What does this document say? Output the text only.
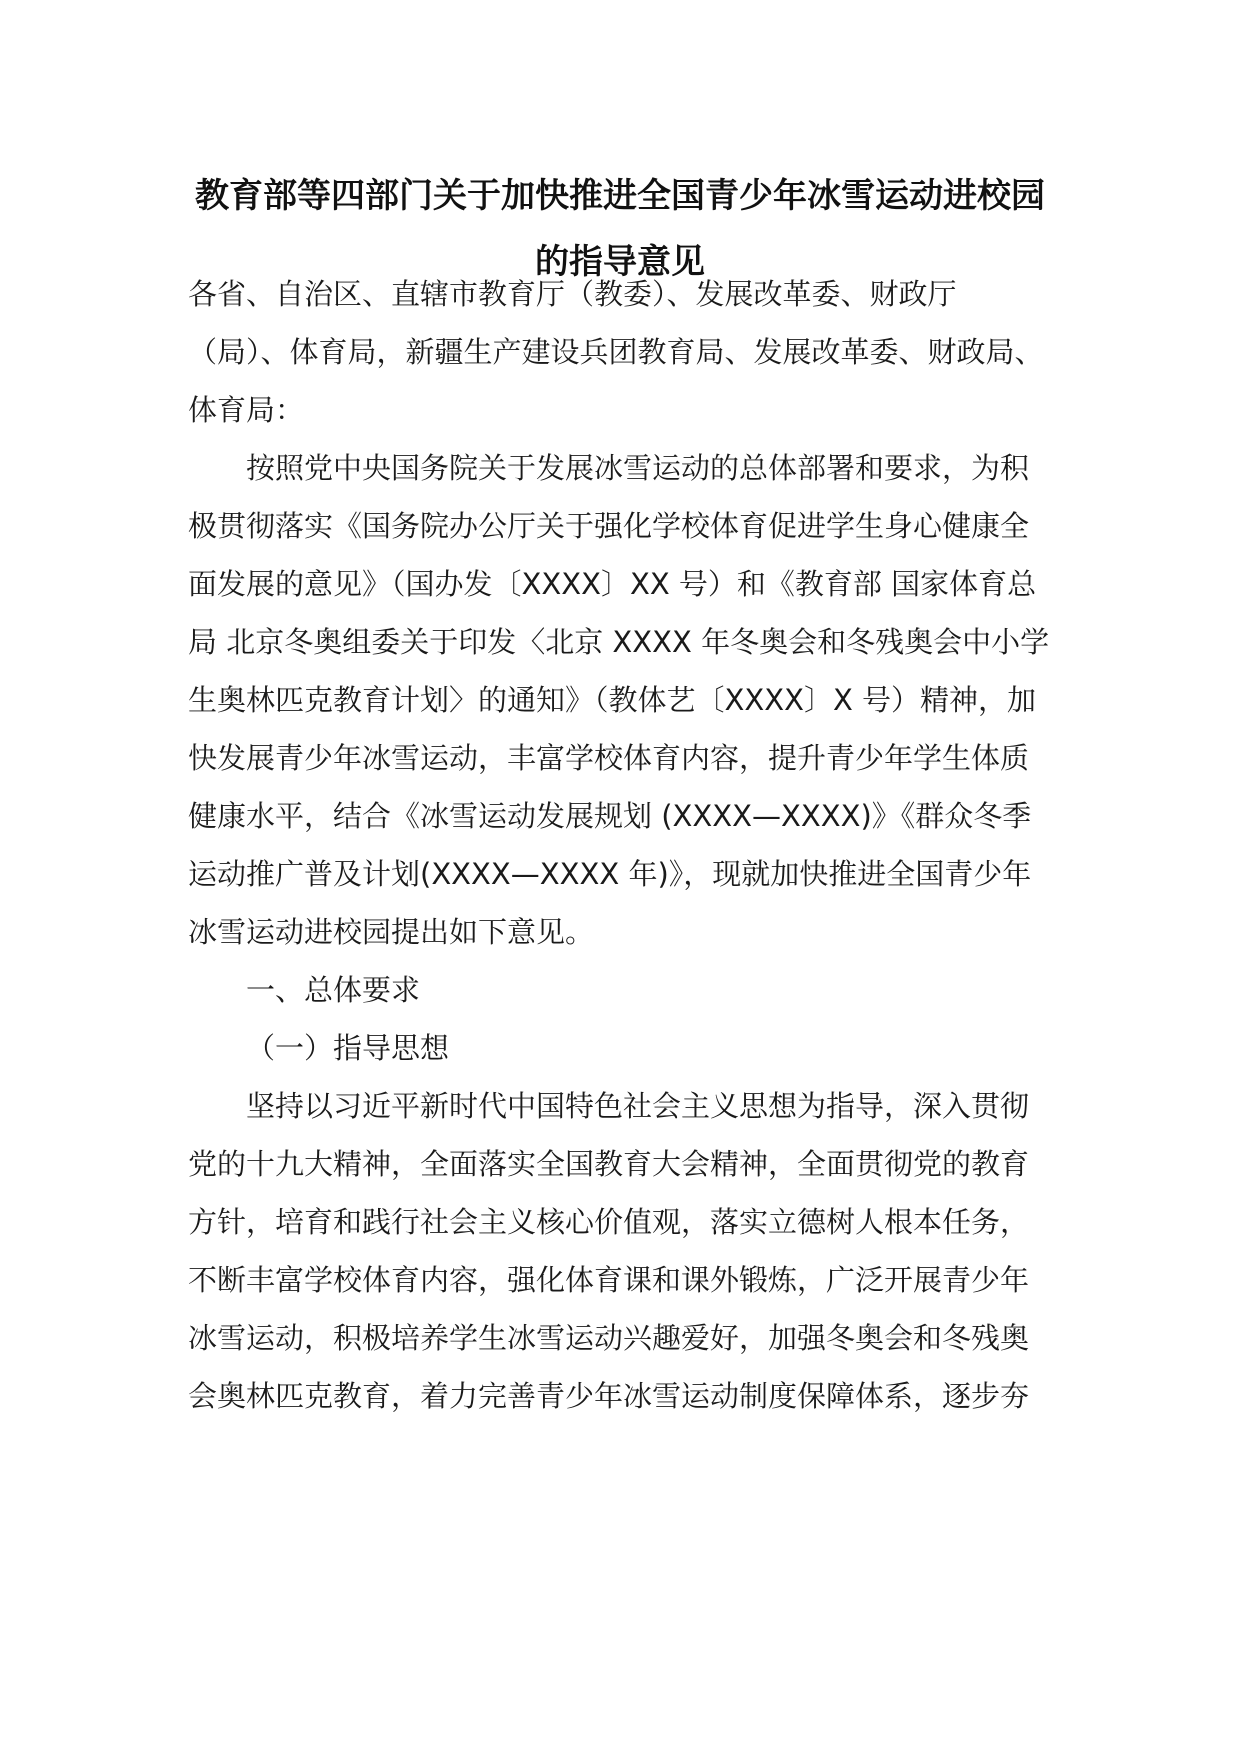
教育部等四部门关于加快推进全国青少年冰雪运动进校园
的指导意见
各省、自治区、直辖市教育厅（教委）、发展改革委、财政厅
（局）、体育局，新疆生产建设兵团教育局、发展改革委、财政局、
体育局：
按照党中央国务院关于发展冰雪运动的总体部署和要求，为积
极贯彻落实《国务院办公厅关于强化学校体育促进学生身心健康全
面发展的意见》（国办发〔XXXX〕XX 号）和《教育部 国家体育总
局 北京冬奥组委关于印发〈北京 XXXX 年冬奥会和冬残奥会中小学
生奥林匹克教育计划〉的通知》（教体艺〔XXXX〕X 号）精神，加
快发展青少年冰雪运动，丰富学校体育内容，提升青少年学生体质
健康水平，结合《冰雪运动发展规划 (XXXX—XXXX)》《群众冬季
运动推广普及计划(XXXX—XXXX 年)》，现就加快推进全国青少年
冰雪运动进校园提出如下意见。
一、总体要求
（一）指导思想
坚持以习近平新时代中国特色社会主义思想为指导，深入贯彻
党的十九大精神，全面落实全国教育大会精神，全面贯彻党的教育
方针，培育和践行社会主义核心价值观，落实立德树人根本任务，
不断丰富学校体育内容，强化体育课和课外锻炼，广泛开展青少年
冰雪运动，积极培养学生冰雪运动兴趣爱好，加强冬奥会和冬残奥
会奥林匹克教育，着力完善青少年冰雪运动制度保障体系，逐步夯
